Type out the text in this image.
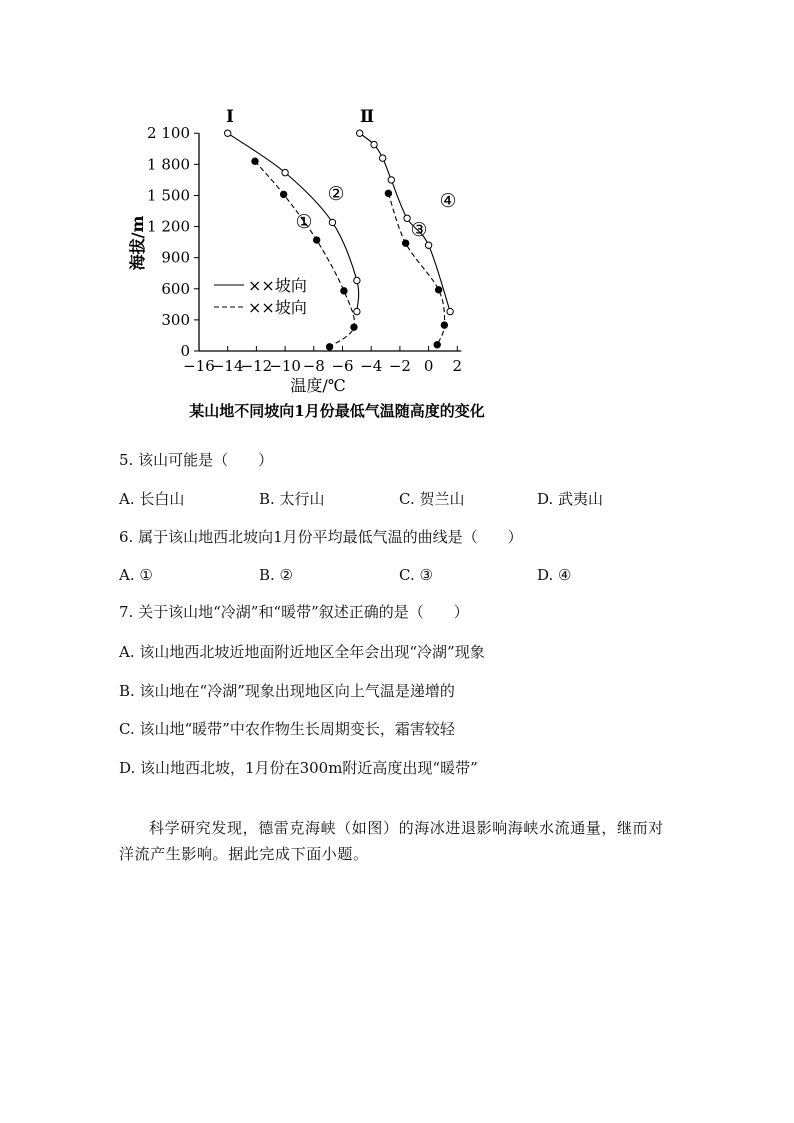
0
300
600
900
1 200
1 500
1 800
2 100
−16
−14
−12
−10 −8 −6 −4 −2 0 2
①
②
③
④
Ⅰ	Ⅱ
××坡向
××坡向
海拔/m
温度/℃
某山地不同坡向1月份最低气温随高度的变化
5. 该山可能是（　　）
A. 长白山	B. 太行山	C. 贺兰山	D. 武夷山
6. 属于该山地西北坡向1月份平均最低气温的曲线是（　　）
A. ①	B. ②	C. ③	D. ④
7. 关于该山地“冷湖”和“暖带”叙述正确的是（　　）
A. 该山地西北坡近地面附近地区全年会出现“冷湖”现象
B. 该山地在“冷湖”现象出现地区向上气温是递增的
C. 该山地“暖带”中农作物生长周期变长，霜害较轻
D. 该山地西北坡，1月份在300m附近高度出现“暖带”

科学研究发现，德雷克海峡（如图）的海冰进退影响海峡水流通量，继而对洋流产生影响。据此完成下面小题。
